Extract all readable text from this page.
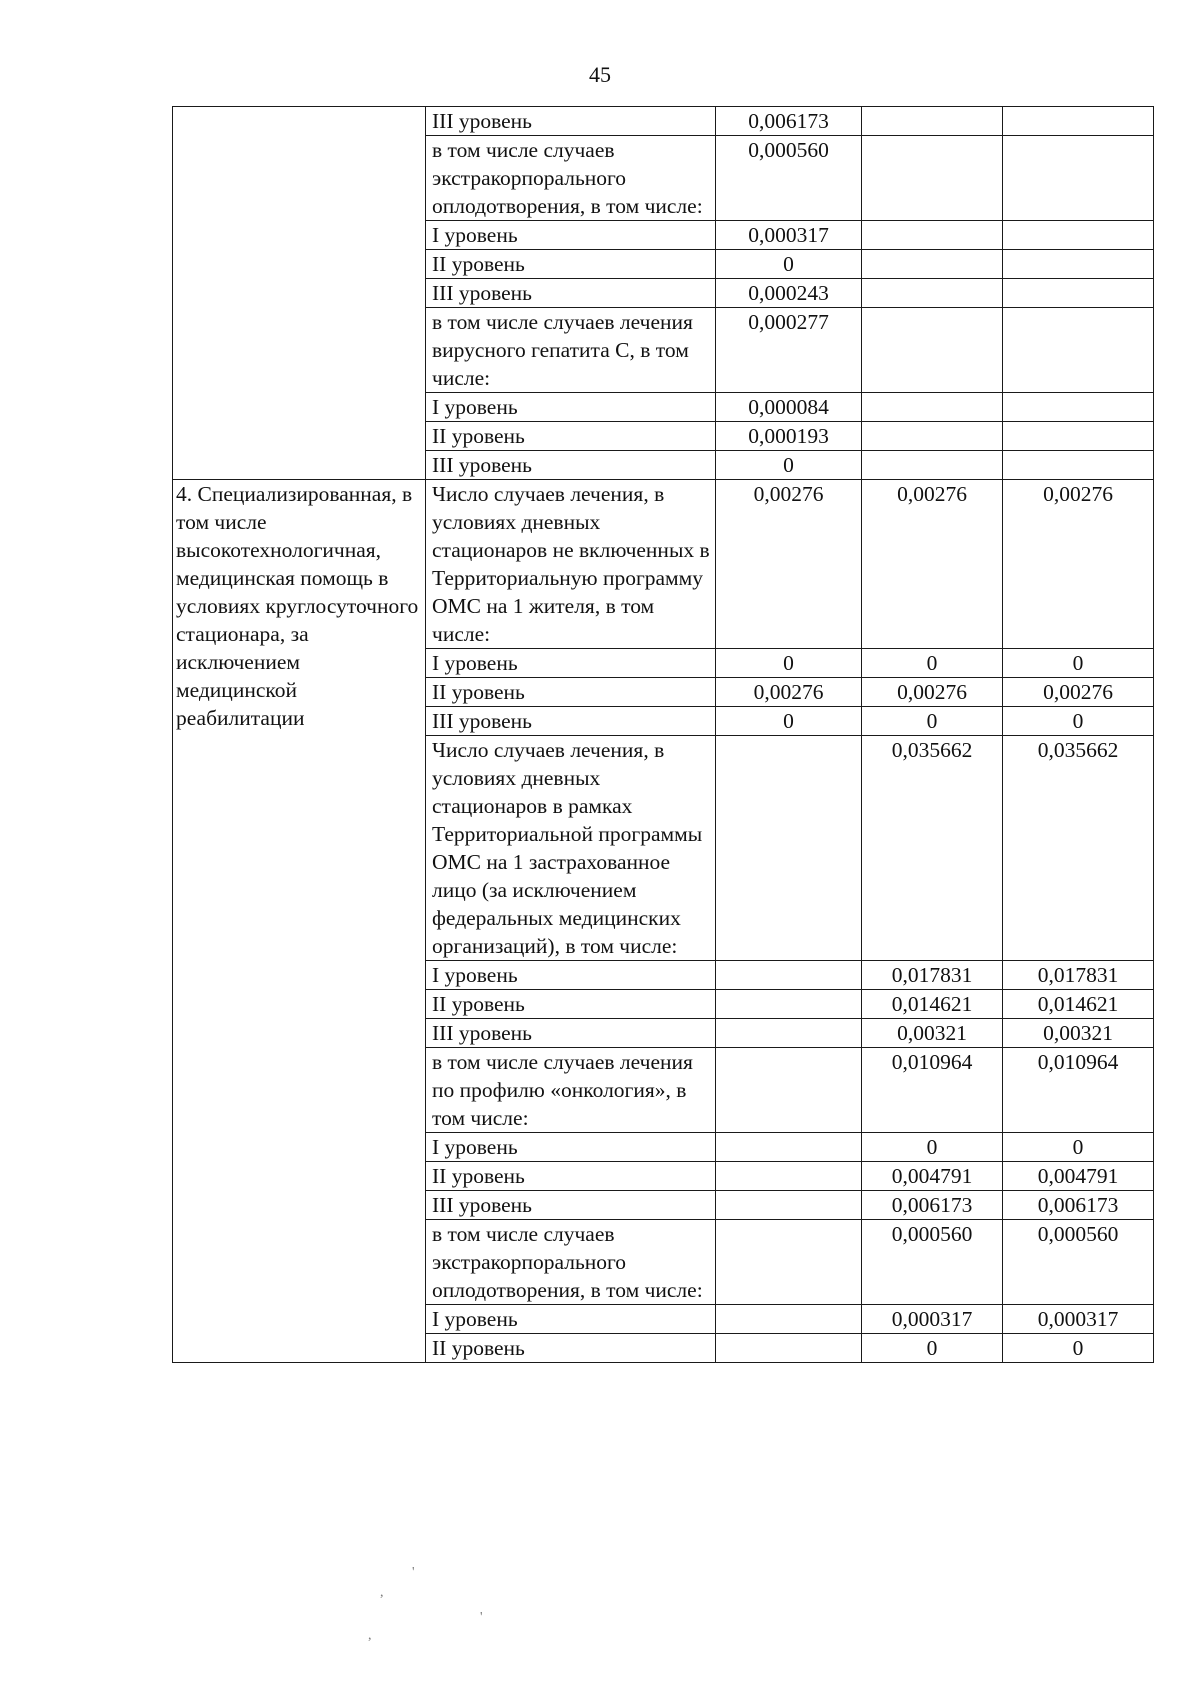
45
	III уровень	0,006173		
	в том числе случаев экстракорпорального оплодотворения, в том числе:	0,000560		
	I уровень	0,000317		
	II уровень	0		
	III уровень	0,000243		
	в том числе случаев лечения вирусного гепатита С, в том числе:	0,000277		
	I уровень	0,000084		
	II уровень	0,000193		
	III уровень	0		
4. Специализированная, в том числе высокотехнологичная, медицинская помощь в условиях круглосуточного стационара, за исключением медицинской реабилитации	Число случаев лечения, в условиях дневных стационаров не включенных в Территориальную программу ОМС на 1 жителя, в том числе:	0,00276	0,00276	0,00276
	I уровень	0	0	0
	II уровень	0,00276	0,00276	0,00276
	III уровень	0	0	0
	Число случаев лечения, в условиях дневных стационаров в рамках Территориальной программы ОМС на 1 застрахованное лицо (за исключением федеральных медицинских организаций), в том числе:		0,035662	0,035662
	I уровень		0,017831	0,017831
	II уровень		0,014621	0,014621
	III уровень		0,00321	0,00321
	в том числе случаев лечения по профилю «онкология», в том числе:		0,010964	0,010964
	I уровень		0	0
	II уровень		0,004791	0,004791
	III уровень		0,006173	0,006173
	в том числе случаев экстракорпорального оплодотворения, в том числе:		0,000560	0,000560
	I уровень		0,000317	0,000317
	II уровень		0	0
,
'
'
,
